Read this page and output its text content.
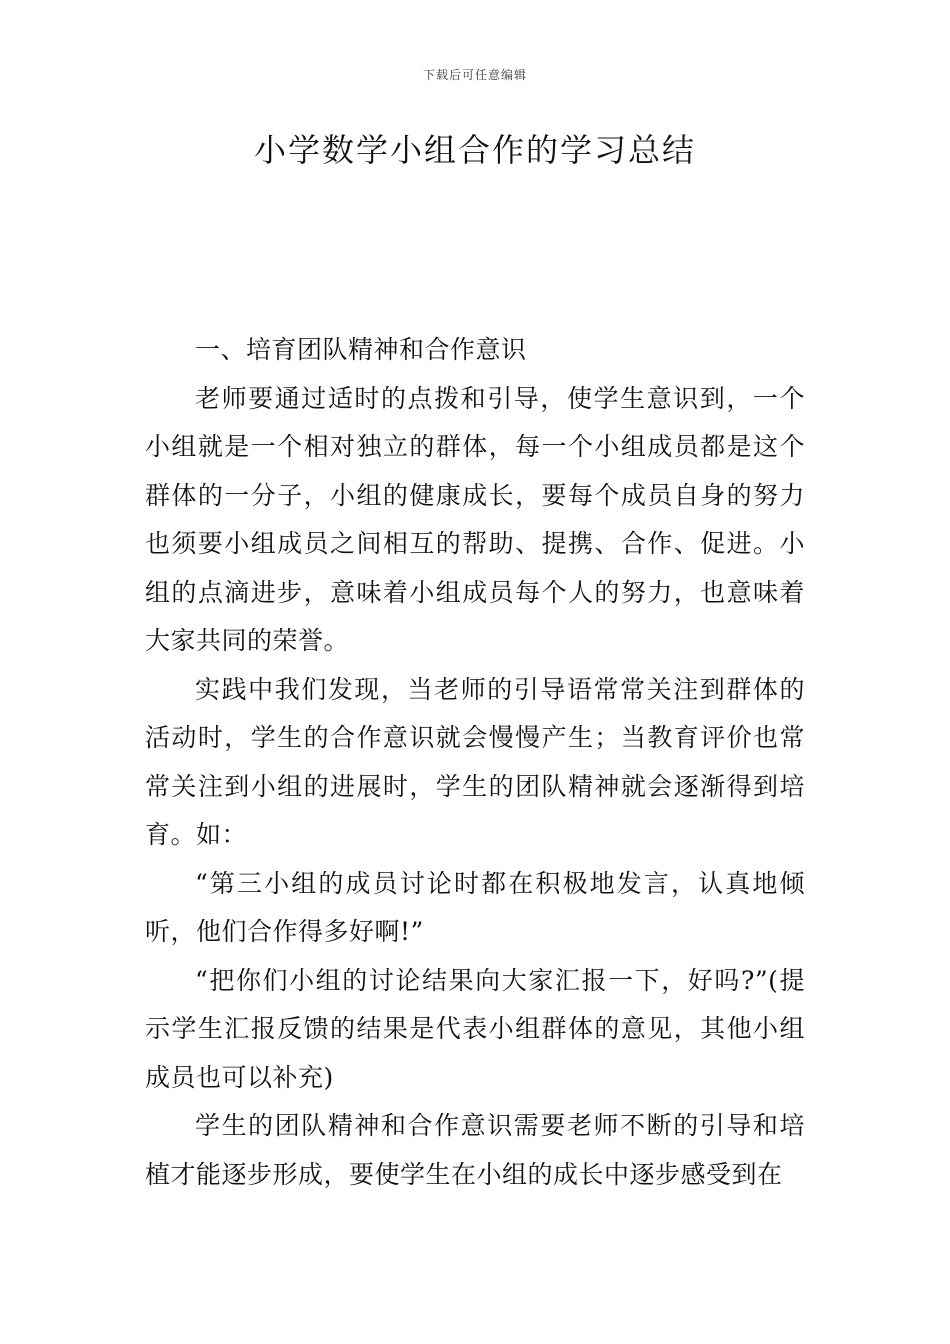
下载后可任意编辑
小学数学小组合作的学习总结

一、培育团队精神和合作意识

老师要通过适时的点拨和引导，使学生意识到，一个小组就是一个相对独立的群体，每一个小组成员都是这个群体的一分子，小组的健康成长，要每个成员自身的努力也须要小组成员之间相互的帮助、提携、合作、促进。小组的点滴进步，意味着小组成员每个人的努力，也意味着大家共同的荣誉。

实践中我们发现，当老师的引导语常常关注到群体的活动时，学生的合作意识就会慢慢产生；当教育评价也常常关注到小组的进展时，学生的团队精神就会逐渐得到培育。如：

“第三小组的成员讨论时都在积极地发言，认真地倾听，他们合作得多好啊!”

“把你们小组的讨论结果向大家汇报一下，好吗?”(提示学生汇报反馈的结果是代表小组群体的意见，其他小组成员也可以补充)

学生的团队精神和合作意识需要老师不断的引导和培植才能逐步形成，要使学生在小组的成长中逐步感受到在
